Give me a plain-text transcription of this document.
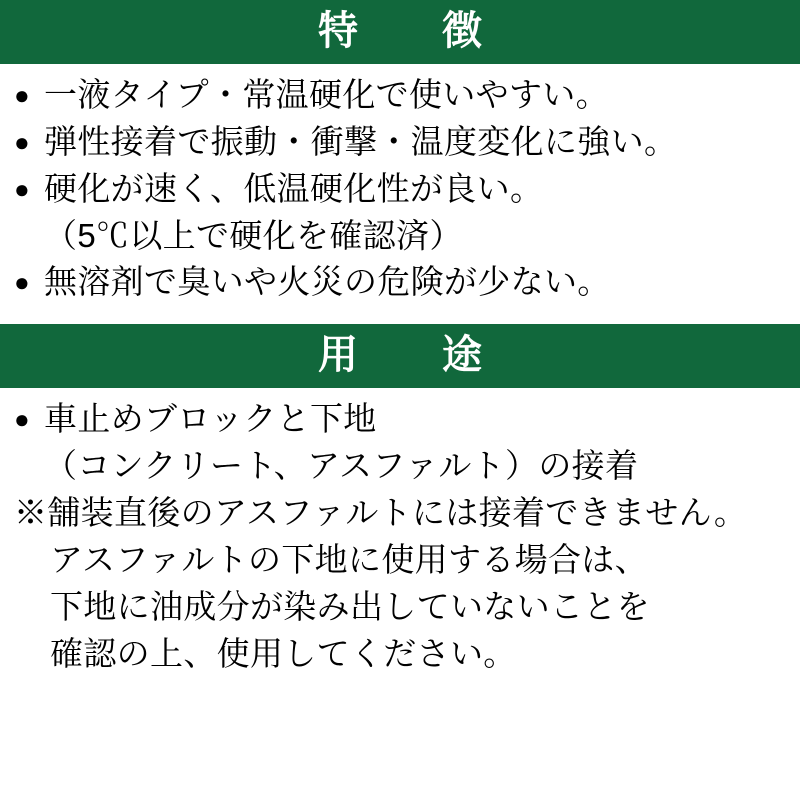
特　徴
● 一液タイプ・常温硬化で使いやすい。
● 弾性接着で振動・衝撃・温度変化に強い。
● 硬化が速く、低温硬化性が良い。
（5℃以上で硬化を確認済）
● 無溶剤で臭いや火災の危険が少ない。
用　途
● 車止めブロックと下地
（コンクリート、アスファルト）の接着
※舗装直後のアスファルトには接着できません。
アスファルトの下地に使用する場合は、
下地に油成分が染み出していないことを
確認の上、使用してください。
